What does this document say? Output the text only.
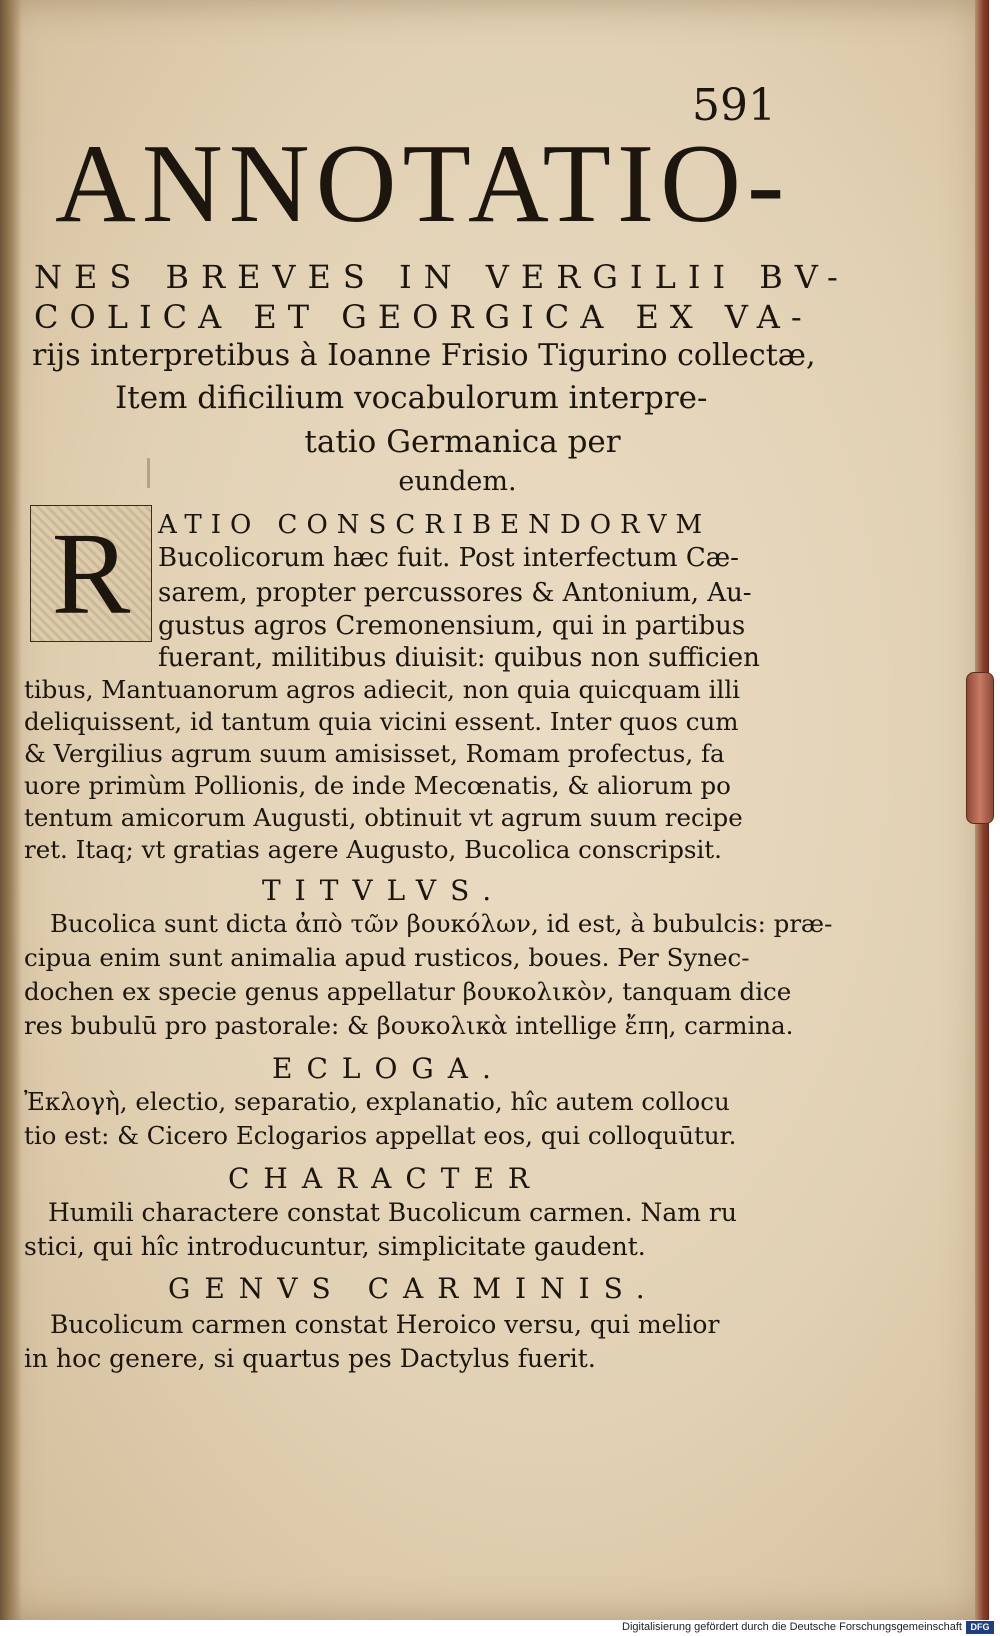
591
ANNOTATIO-
NES BREVES IN VERGILII BV-
COLICA ET GEORGICA EX VA-
rijs interpretibus à Ioanne Frisio Tigurino collectæ,
Item dificilium vocabulorum interpre-
tatio Germanica per
eundem.
R ATIO CONSCRIBENDORVM
Bucolicorum hæc fuit. Post interfectum Cæ-
sarem, propter percussores & Antonium, Au-
gustus agros Cremonensium, qui in partibus
fuerant, militibus diuisit: quibus non sufficien
tibus, Mantuanorum agros adiecit, non quia quicquam illi
deliquissent, id tantum quia vicini essent. Inter quos cum
& Vergilius agrum suum amisisset, Romam profectus, fa
uore primùm Pollionis, de inde Mecœnatis, & aliorum po
tentum amicorum Augusti, obtinuit vt agrum suum recipe
ret. Itaq; vt gratias agere Augusto, Bucolica conscripsit.
TITVLVS.
Bucolica sunt dicta ἀπὸ τῶν βουκόλων, id est, à bubulcis: præ-
cipua enim sunt animalia apud rusticos, boues. Per Synec-
dochen ex specie genus appellatur βουκολικὸν, tanquam dice
res bubulū pro pastorale: & βουκολικὰ intellige ἔπη, carmina.
ECLOGA.
Ἐκλογὴ, electio, separatio, explanatio, hîc autem collocu
tio est: & Cicero Eclogarios appellat eos, qui colloquūtur.
CHARACTER
Humili charactere constat Bucolicum carmen. Nam ru
stici, qui hîc introducuntur, simplicitate gaudent.
GENVS CARMINIS.
Bucolicum carmen constat Heroico versu, qui melior
in hoc genere, si quartus pes Dactylus fuerit.
Digitalisierung gefördert durch die Deutsche Forschungsgemeinschaft DFG
